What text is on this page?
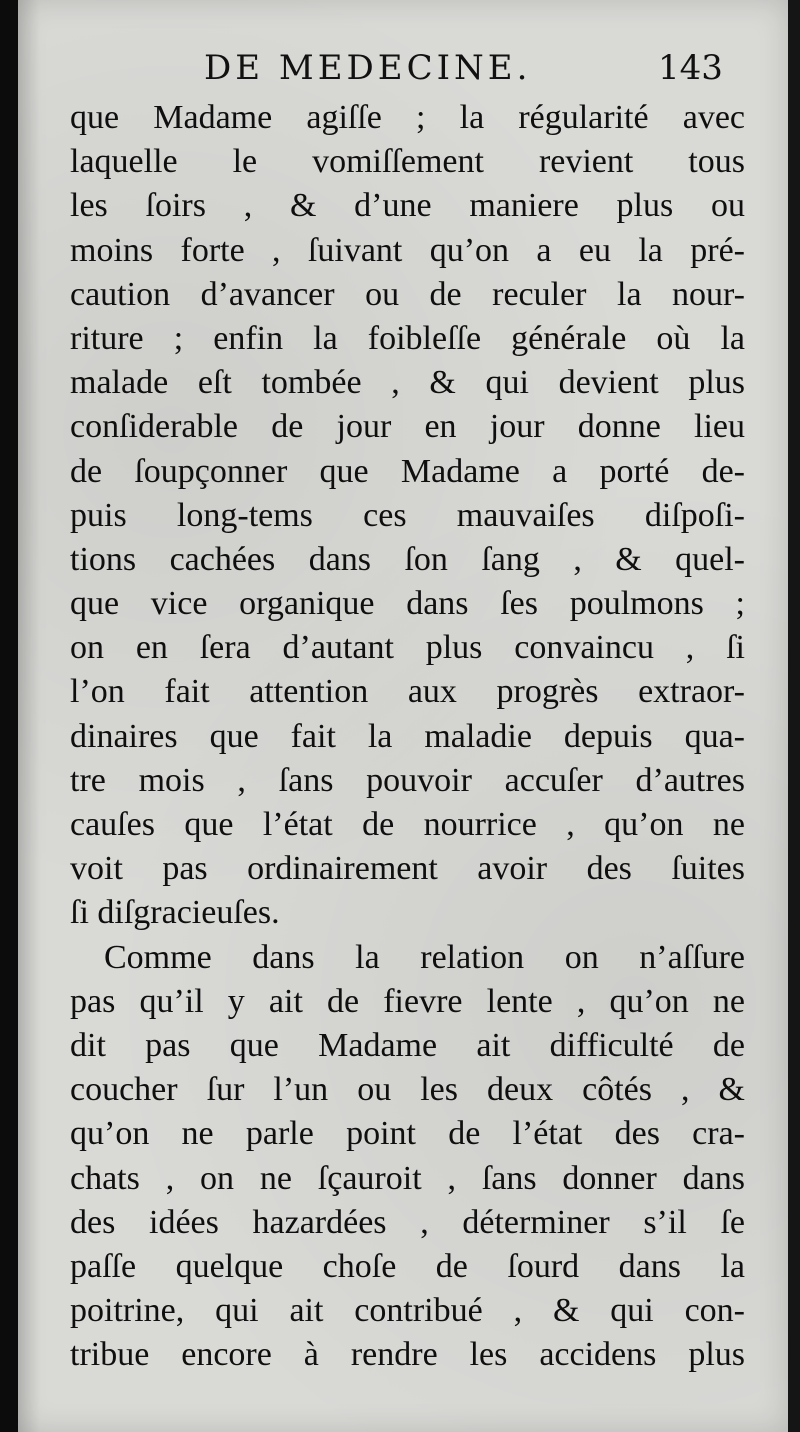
DE MEDECINE.	143
que Madame agiſſe ; la régularité avec
laquelle le vomiſſement revient tous
les ſoirs , & d’une maniere plus ou
moins forte , ſuivant qu’on a eu la pré-
caution d’avancer ou de reculer la nour-
riture ; enfin la foibleſſe générale où la
malade eſt tombée , & qui devient plus
conſiderable de jour en jour donne lieu
de ſoupçonner que Madame a porté de-
puis long-tems ces mauvaiſes diſpoſi-
tions cachées dans ſon ſang , & quel-
que vice organique dans ſes poulmons ;
on en ſera d’autant plus convaincu , ſi
l’on fait attention aux progrès extraor-
dinaires que fait la maladie depuis qua-
tre mois , ſans pouvoir accuſer d’autres
cauſes que l’état de nourrice , qu’on ne
voit pas ordinairement avoir des ſuites
ſi diſgracieuſes.
Comme dans la relation on n’aſſure
pas qu’il y ait de fievre lente , qu’on ne
dit pas que Madame ait difficulté de
coucher ſur l’un ou les deux côtés , &
qu’on ne parle point de l’état des cra-
chats , on ne ſçauroit , ſans donner dans
des idées hazardées , déterminer s’il ſe
paſſe quelque choſe de ſourd dans la
poitrine, qui ait contribué , & qui con-
tribue encore à rendre les accidens plus
